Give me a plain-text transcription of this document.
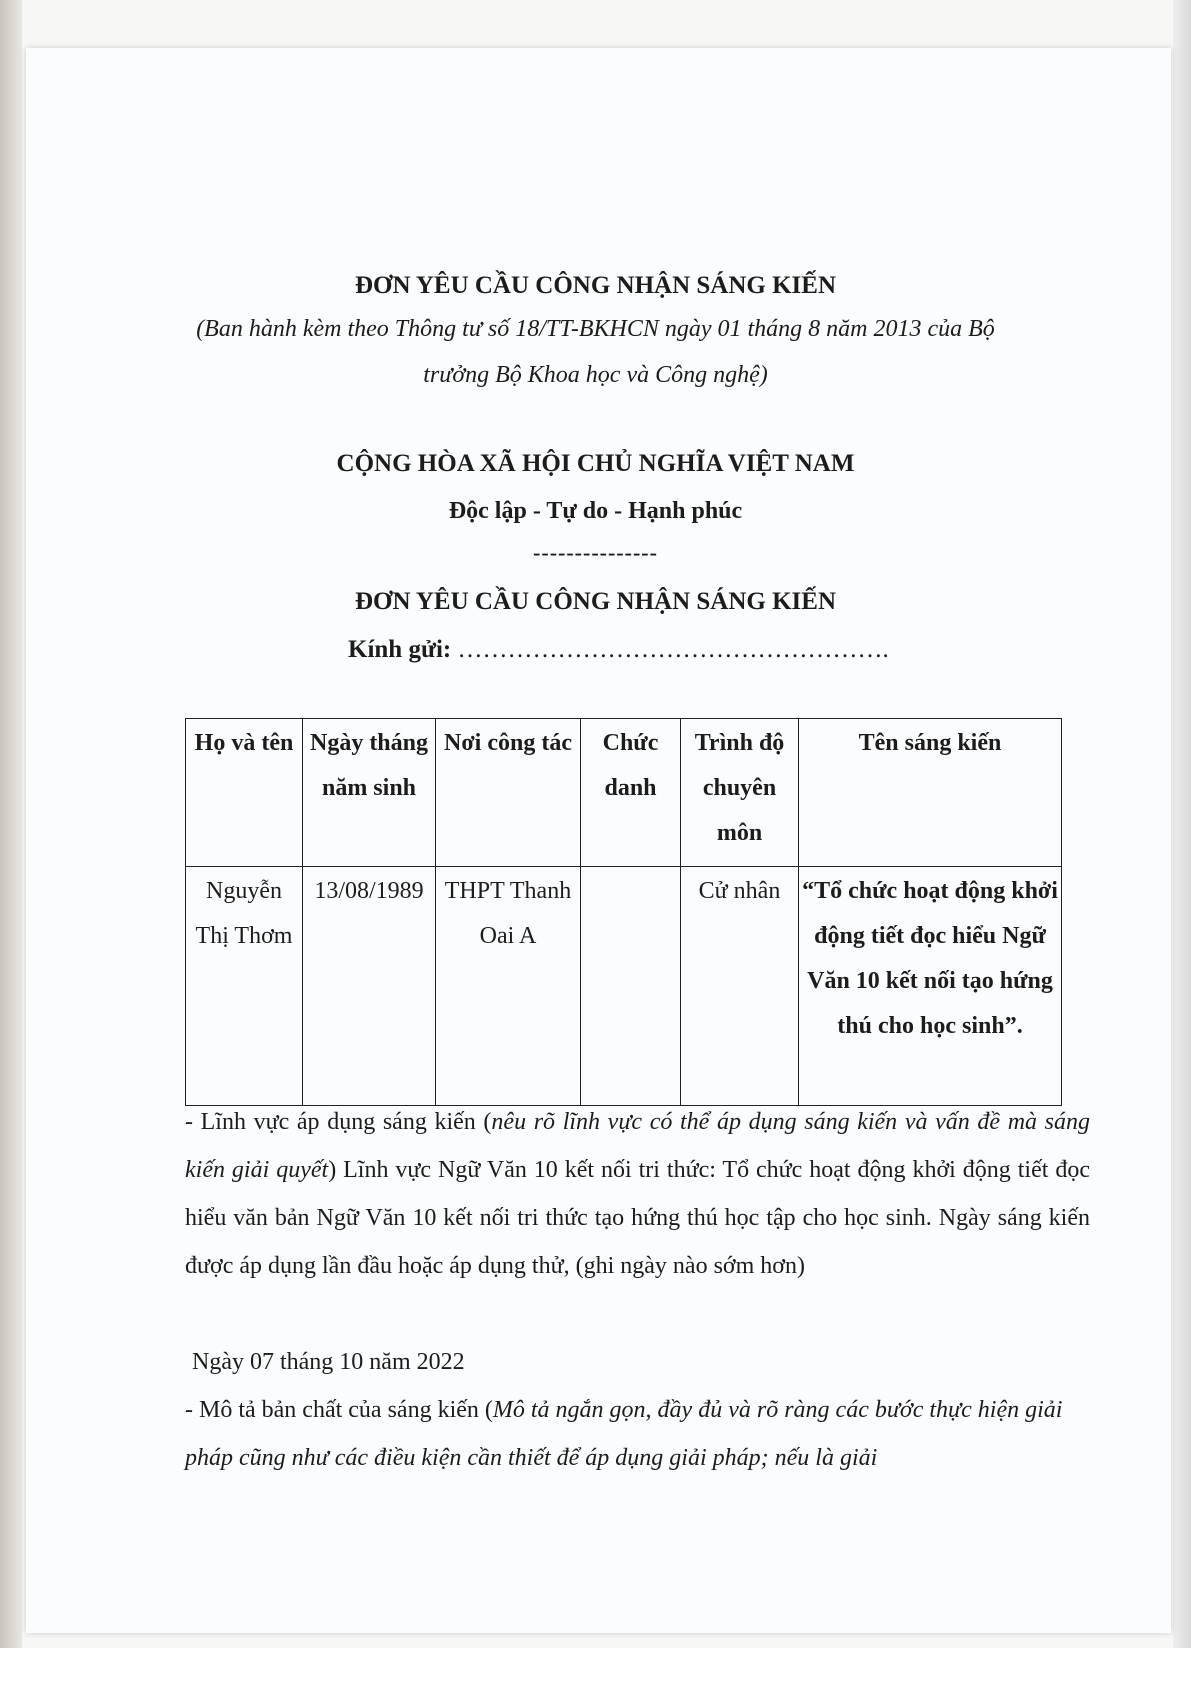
ĐƠN YÊU CẦU CÔNG NHẬN SÁNG KIẾN
(Ban hành kèm theo Thông tư số 18/TT-BKHCN ngày 01 tháng 8 năm 2013 của Bộ
trưởng Bộ Khoa học và Công nghệ)
CỘNG HÒA XÃ HỘI CHỦ NGHĨA VIỆT NAM
Độc lập - Tự do - Hạnh phúc
---------------
ĐƠN YÊU CẦU CÔNG NHẬN SÁNG KIẾN
Kính gửi: …………………………………………….
Họ và tên	Ngày tháng năm sinh	Nơi công tác	Chức danh	Trình độ chuyên môn	Tên sáng kiến
Nguyễn Thị Thơm	13/08/1989	THPT Thanh Oai A		Cử nhân	“Tổ chức hoạt động khởi động tiết đọc hiểu Ngữ Văn 10 kết nối tạo hứng thú cho học sinh”.
- Lĩnh vực áp dụng sáng kiến (nêu rõ lĩnh vực có thể áp dụng sáng kiến và vấn đề mà sáng kiến giải quyết) Lĩnh vực Ngữ Văn 10 kết nối tri thức: Tổ chức hoạt động khởi động tiết đọc hiểu văn bản Ngữ Văn 10 kết nối tri thức tạo hứng thú học tập cho học sinh. Ngày sáng kiến được áp dụng lần đầu hoặc áp dụng thử, (ghi ngày nào sớm hơn)
Ngày 07 tháng 10 năm 2022
- Mô tả bản chất của sáng kiến (Mô tả ngắn gọn, đầy đủ và rõ ràng các bước thực hiện giải pháp cũng như các điều kiện cần thiết để áp dụng giải pháp; nếu là giải
